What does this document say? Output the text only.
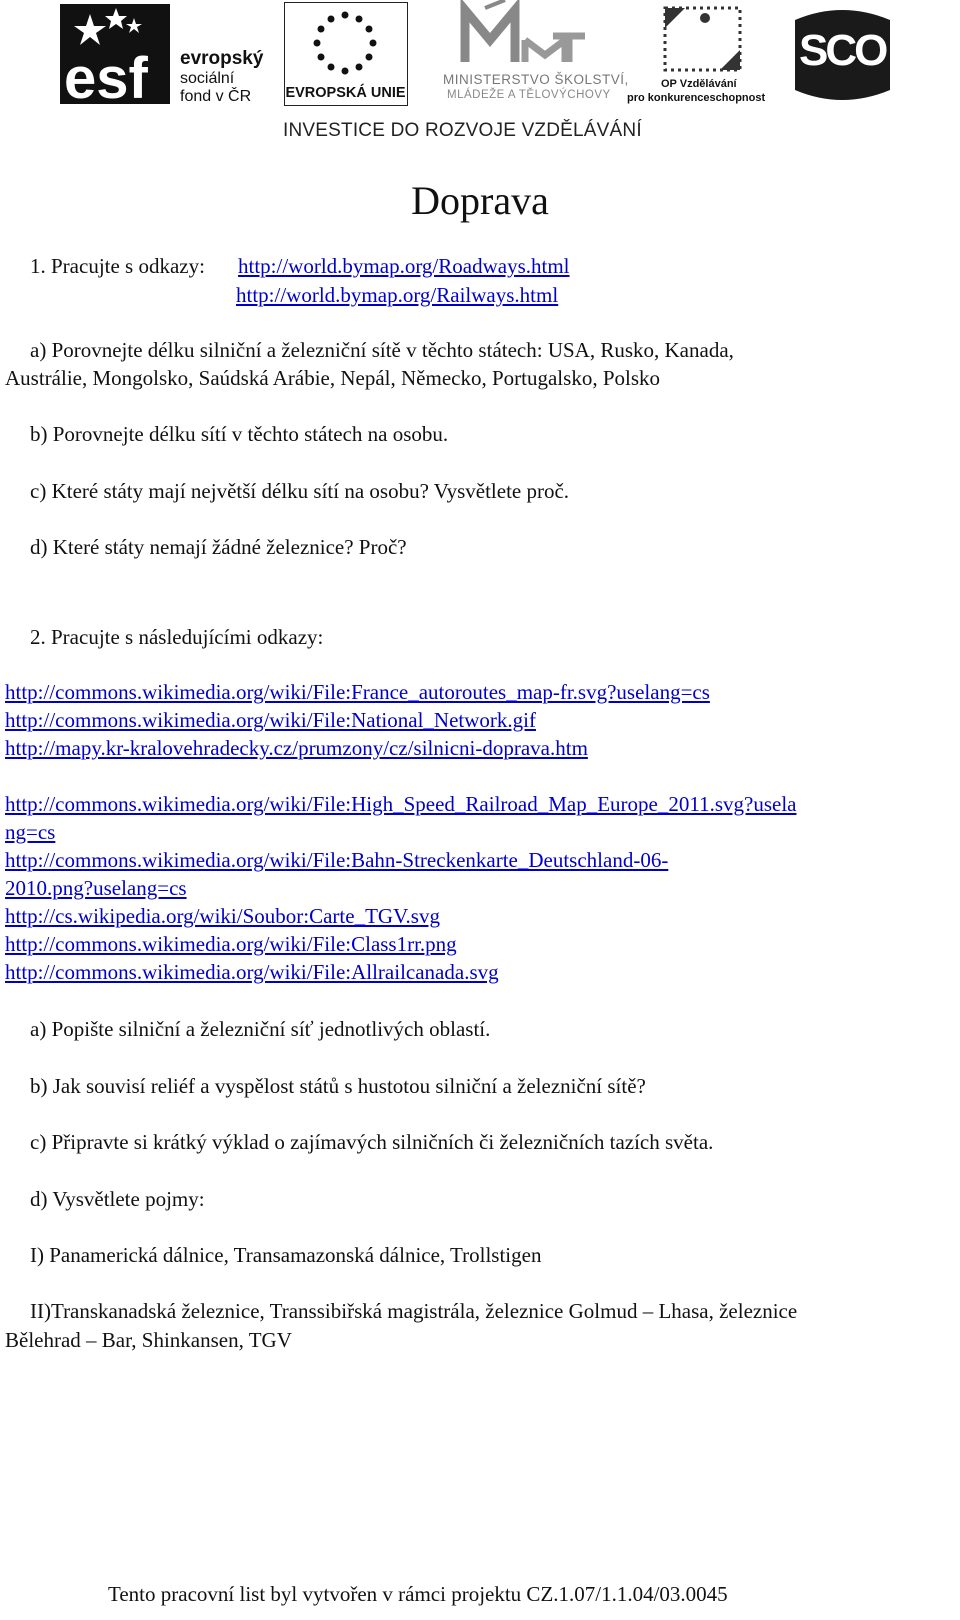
esf evropský
sociální
fond v ČR EVROPSKÁ UNIE
MINISTERSTVO ŠKOLSTVÍ,
MLÁDEŽE A TĚLOVÝCHOVY
OP Vzdělávání
pro konkurenceschopnost
SCO
INVESTICE DO ROZVOJE VZDĚLÁVÁNÍ
Doprava
1. Pracujte s odkazy: http://world.bymap.org/Roadways.html
http://world.bymap.org/Railways.html
a) Porovnejte délku silniční a železniční sítě v těchto státech: USA, Rusko, Kanada,
Austrálie, Mongolsko, Saúdská Arábie, Nepál, Německo, Portugalsko, Polsko
b) Porovnejte délku sítí v těchto státech na osobu.
c) Které státy mají největší délku sítí na osobu? Vysvětlete proč.
d) Které státy nemají žádné železnice? Proč?
2. Pracujte s následujícími odkazy:
http://commons.wikimedia.org/wiki/File:France_autoroutes_map-fr.svg?uselang=cs
http://commons.wikimedia.org/wiki/File:National_Network.gif
http://mapy.kr-kralovehradecky.cz/prumzony/cz/silnicni-doprava.htm
http://commons.wikimedia.org/wiki/File:High_Speed_Railroad_Map_Europe_2011.svg?usela
ng=cs
http://commons.wikimedia.org/wiki/File:Bahn-Streckenkarte_Deutschland-06-
2010.png?uselang=cs
http://cs.wikipedia.org/wiki/Soubor:Carte_TGV.svg
http://commons.wikimedia.org/wiki/File:Class1rr.png
http://commons.wikimedia.org/wiki/File:Allrailcanada.svg
a) Popište silniční a železniční síť jednotlivých oblastí.
b) Jak souvisí reliéf a vyspělost států s hustotou silniční a železniční sítě?
c) Připravte si krátký výklad o zajímavých silničních či železničních tazích světa.
d) Vysvětlete pojmy:
I) Panamerická dálnice, Transamazonská dálnice, Trollstigen
II)Transkanadská železnice, Transsibiřská magistrála, železnice Golmud – Lhasa, železnice
Bělehrad – Bar, Shinkansen, TGV
Tento pracovní list byl vytvořen v rámci projektu CZ.1.07/1.1.04/03.0045
